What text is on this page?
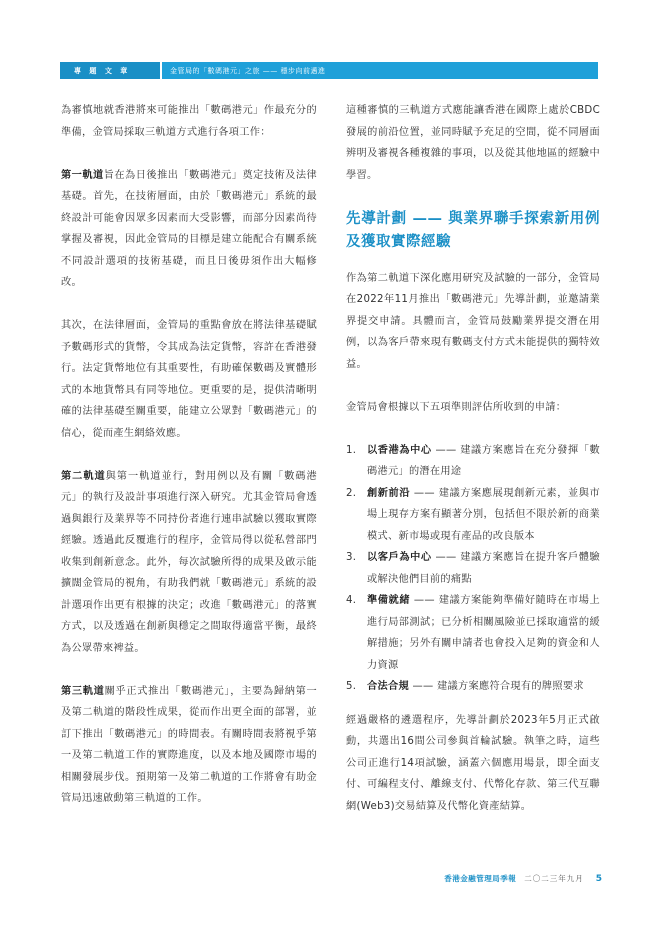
專 題 文 章	金管局的「數碼港元」之旅 —— 穩步向前邁進

為審慎地就香港將來可能推出「數碼港元」作最充分的準備，金管局採取三軌道方式進行各項工作：

第一軌道旨在為日後推出「數碼港元」奠定技術及法律基礎。首先，在技術層面，由於「數碼港元」系統的最終設計可能會因眾多因素而大受影響，而部分因素尚待掌握及審視，因此金管局的目標是建立能配合有關系統不同設計選項的技術基礎，而且日後毋須作出大幅修改。

其次，在法律層面，金管局的重點會放在將法律基礎賦予數碼形式的貨幣，令其成為法定貨幣，容許在香港發行。法定貨幣地位有其重要性，有助確保數碼及實體形式的本地貨幣具有同等地位。更重要的是，提供清晰明確的法律基礎至關重要，能建立公眾對「數碼港元」的信心，從而產生網絡效應。

第二軌道與第一軌道並行，對用例以及有關「數碼港元」的執行及設計事項進行深入研究。尤其金管局會透過與銀行及業界等不同持份者進行連串試驗以獲取實際經驗。透過此反覆進行的程序，金管局得以從私營部門收集到創新意念。此外，每次試驗所得的成果及啟示能擴闊金管局的視角，有助我們就「數碼港元」系統的設計選項作出更有根據的決定；改進「數碼港元」的落實方式，以及透過在創新與穩定之間取得適當平衡，最終為公眾帶來裨益。

第三軌道關乎正式推出「數碼港元」，主要為歸納第一及第二軌道的階段性成果，從而作出更全面的部署，並訂下推出「數碼港元」的時間表。有關時間表將視乎第一及第二軌道工作的實際進度，以及本地及國際市場的相關發展步伐。預期第一及第二軌道的工作將會有助金管局迅速啟動第三軌道的工作。

這種審慎的三軌道方式應能讓香港在國際上處於CBDC發展的前沿位置，並同時賦予充足的空間，從不同層面辨明及審視各種複雜的事項，以及從其他地區的經驗中學習。

先導計劃 —— 與業界聯手探索新用例及獲取實際經驗

作為第二軌道下深化應用研究及試驗的一部分，金管局在2022年11月推出「數碼港元」先導計劃，並邀請業界提交申請。具體而言，金管局鼓勵業界提交潛在用例，以為客戶帶來現有數碼支付方式未能提供的獨特效益。

金管局會根據以下五項準則評估所收到的申請：

1.	以香港為中心 —— 建議方案應旨在充分發揮「數碼港元」的潛在用途
2.	創新前沿 —— 建議方案應展現創新元素，並與市場上現存方案有顯著分別，包括但不限於新的商業模式、新市場或現有產品的改良版本
3.	以客戶為中心 —— 建議方案應旨在提升客戶體驗或解決他們目前的痛點
4.	準備就緒 —— 建議方案能夠準備好隨時在市場上進行局部測試；已分析相關風險並已採取適當的緩解措施；另外有關申請者也會投入足夠的資金和人力資源
5.	合法合規 —— 建議方案應符合現有的牌照要求

經過嚴格的遴選程序，先導計劃於2023年5月正式啟動，共選出16間公司參與首輪試驗。執筆之時，這些公司正進行14項試驗，涵蓋六個應用場景，即全面支付、可編程支付、離線支付、代幣化存款、第三代互聯網(Web3)交易結算及代幣化資產結算。

香港金融管理局季報 二〇二三年九月 5
